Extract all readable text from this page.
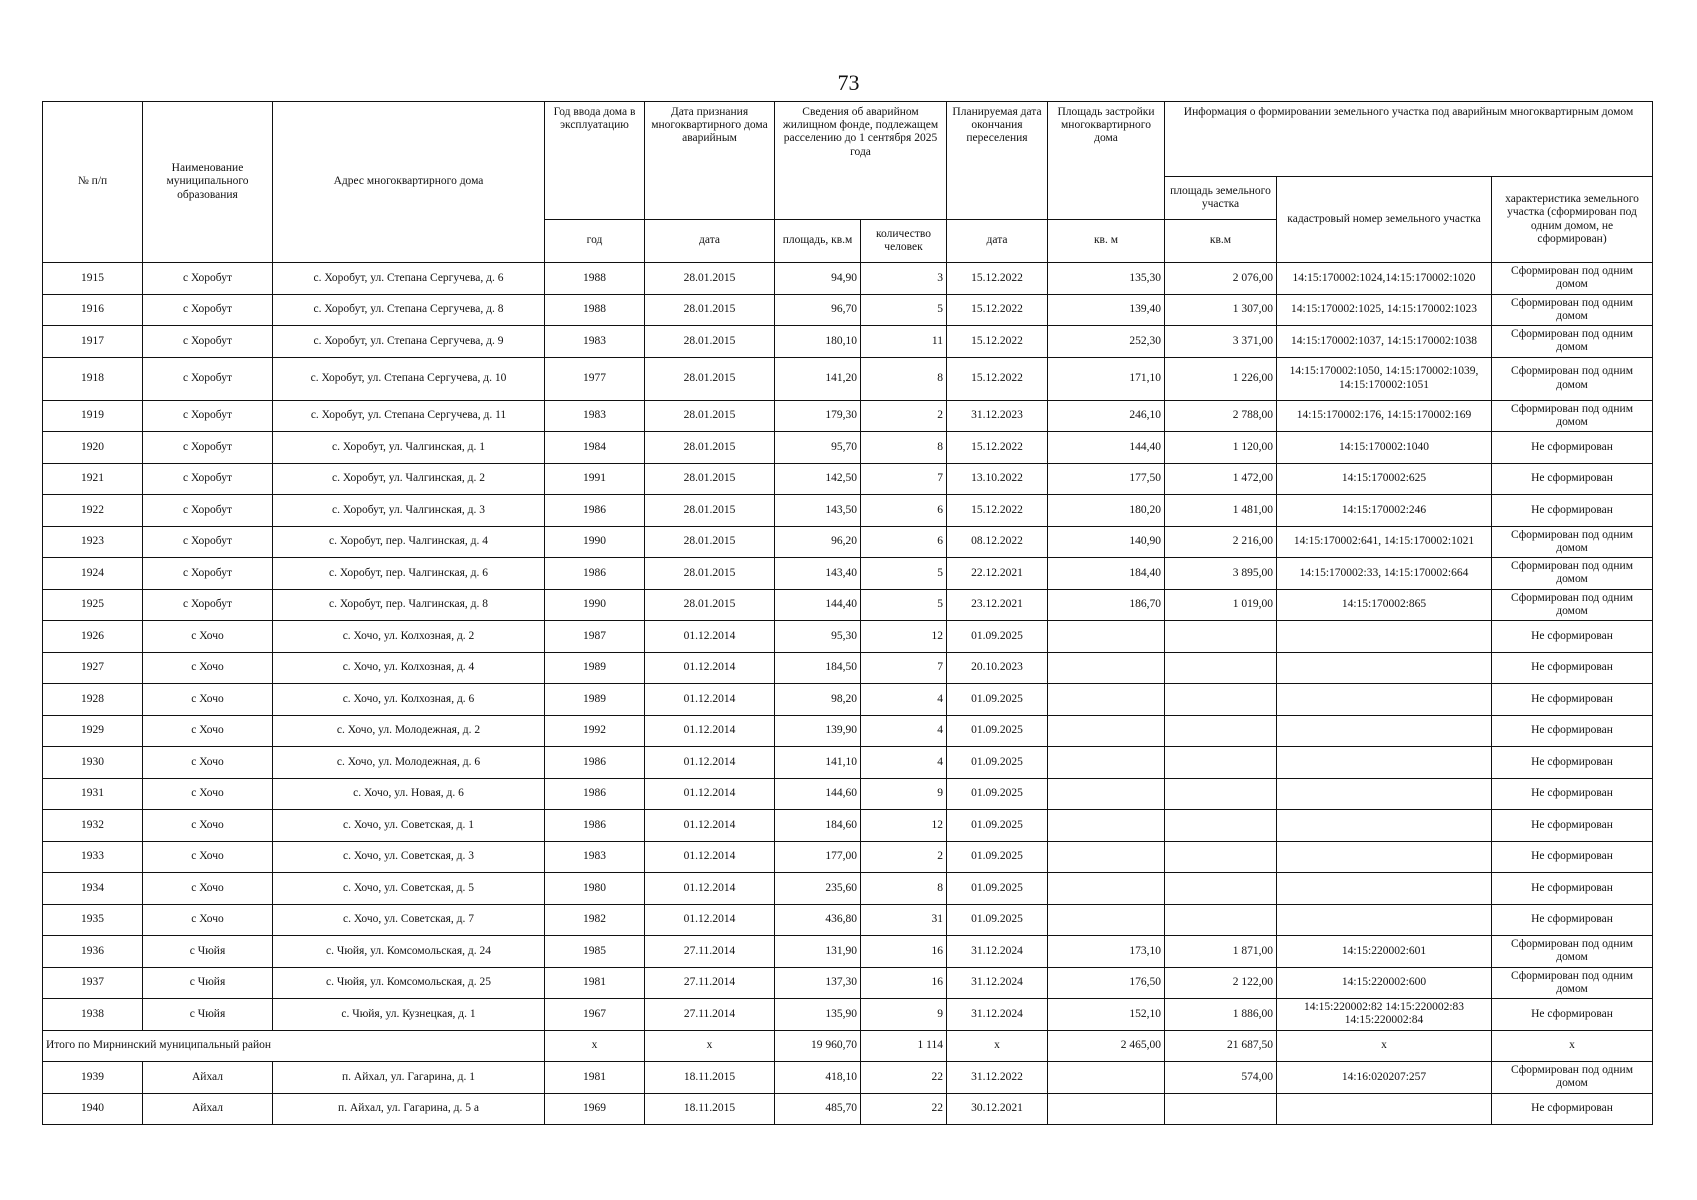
73
№ п/п	Наименование муниципального образования	Адрес многоквартирного дома	Год ввода дома в эксплуатацию	Дата признания многоквартирного дома аварийным	Сведения об аварийном жилищном фонде, подлежащем расселению до 1 сентября 2025 года		Планируемая дата окончания переселения	Площадь застройки многоквартирного дома	Информация о формировании земельного участка под аварийным многоквартирным домом		
									площадь земельного участка	кадастровый номер земельного участка	характеристика земельного участка (сформирован под одним домом, не сформирован)
			год	дата	площадь, кв.м	количество человек	дата	кв. м	кв.м		
1915	с Хоробут	с. Хоробут, ул. Степана Сергучева, д. 6	1988	28.01.2015	94,90	3	15.12.2022	135,30	2 076,00	14:15:170002:1024,14:15:170002:1020	Сформирован под одним домом
1916	с Хоробут	с. Хоробут, ул. Степана Сергучева, д. 8	1988	28.01.2015	96,70	5	15.12.2022	139,40	1 307,00	14:15:170002:1025, 14:15:170002:1023	Сформирован под одним домом
1917	с Хоробут	с. Хоробут, ул. Степана Сергучева, д. 9	1983	28.01.2015	180,10	11	15.12.2022	252,30	3 371,00	14:15:170002:1037, 14:15:170002:1038	Сформирован под одним домом
1918	с Хоробут	с. Хоробут, ул. Степана Сергучева, д. 10	1977	28.01.2015	141,20	8	15.12.2022	171,10	1 226,00	14:15:170002:1050, 14:15:170002:1039, 14:15:170002:1051	Сформирован под одним домом
1919	с Хоробут	с. Хоробут, ул. Степана Сергучева, д. 11	1983	28.01.2015	179,30	2	31.12.2023	246,10	2 788,00	14:15:170002:176, 14:15:170002:169	Сформирован под одним домом
1920	с Хоробут	с. Хоробут, ул. Чалгинская, д. 1	1984	28.01.2015	95,70	8	15.12.2022	144,40	1 120,00	14:15:170002:1040	Не сформирован
1921	с Хоробут	с. Хоробут, ул. Чалгинская, д. 2	1991	28.01.2015	142,50	7	13.10.2022	177,50	1 472,00	14:15:170002:625	Не сформирован
1922	с Хоробут	с. Хоробут, ул. Чалгинская, д. 3	1986	28.01.2015	143,50	6	15.12.2022	180,20	1 481,00	14:15:170002:246	Не сформирован
1923	с Хоробут	с. Хоробут, пер. Чалгинская, д. 4	1990	28.01.2015	96,20	6	08.12.2022	140,90	2 216,00	14:15:170002:641, 14:15:170002:1021	Сформирован под одним домом
1924	с Хоробут	с. Хоробут, пер. Чалгинская, д. 6	1986	28.01.2015	143,40	5	22.12.2021	184,40	3 895,00	14:15:170002:33, 14:15:170002:664	Сформирован под одним домом
1925	с Хоробут	с. Хоробут, пер. Чалгинская, д. 8	1990	28.01.2015	144,40	5	23.12.2021	186,70	1 019,00	14:15:170002:865	Сформирован под одним домом
1926	с Хочо	с. Хочо, ул. Колхозная, д. 2	1987	01.12.2014	95,30	12	01.09.2025				Не сформирован
1927	с Хочо	с. Хочо, ул. Колхозная, д. 4	1989	01.12.2014	184,50	7	20.10.2023				Не сформирован
1928	с Хочо	с. Хочо, ул. Колхозная, д. 6	1989	01.12.2014	98,20	4	01.09.2025				Не сформирован
1929	с Хочо	с. Хочо, ул. Молодежная, д. 2	1992	01.12.2014	139,90	4	01.09.2025				Не сформирован
1930	с Хочо	с. Хочо, ул. Молодежная, д. 6	1986	01.12.2014	141,10	4	01.09.2025				Не сформирован
1931	с Хочо	с. Хочо, ул. Новая, д. 6	1986	01.12.2014	144,60	9	01.09.2025				Не сформирован
1932	с Хочо	с. Хочо, ул. Советская, д. 1	1986	01.12.2014	184,60	12	01.09.2025				Не сформирован
1933	с Хочо	с. Хочо, ул. Советская, д. 3	1983	01.12.2014	177,00	2	01.09.2025				Не сформирован
1934	с Хочо	с. Хочо, ул. Советская, д. 5	1980	01.12.2014	235,60	8	01.09.2025				Не сформирован
1935	с Хочо	с. Хочо, ул. Советская, д. 7	1982	01.12.2014	436,80	31	01.09.2025				Не сформирован
1936	с Чюйя	с. Чюйя, ул. Комсомольская, д. 24	1985	27.11.2014	131,90	16	31.12.2024	173,10	1 871,00	14:15:220002:601	Сформирован под одним домом
1937	с Чюйя	с. Чюйя, ул. Комсомольская, д. 25	1981	27.11.2014	137,30	16	31.12.2024	176,50	2 122,00	14:15:220002:600	Сформирован под одним домом
1938	с Чюйя	с. Чюйя, ул. Кузнецкая, д. 1	1967	27.11.2014	135,90	9	31.12.2024	152,10	1 886,00	14:15:220002:82 14:15:220002:83 14:15:220002:84	Не сформирован
Итого по Мирнинский муниципальный район			х	х	19 960,70	1 114	х	2 465,00	21 687,50	х	х
1939	Айхал	п. Айхал, ул. Гагарина, д. 1	1981	18.11.2015	418,10	22	31.12.2022		574,00	14:16:020207:257	Сформирован под одним домом
1940	Айхал	п. Айхал, ул. Гагарина, д. 5 а	1969	18.11.2015	485,70	22	30.12.2021				Не сформирован
